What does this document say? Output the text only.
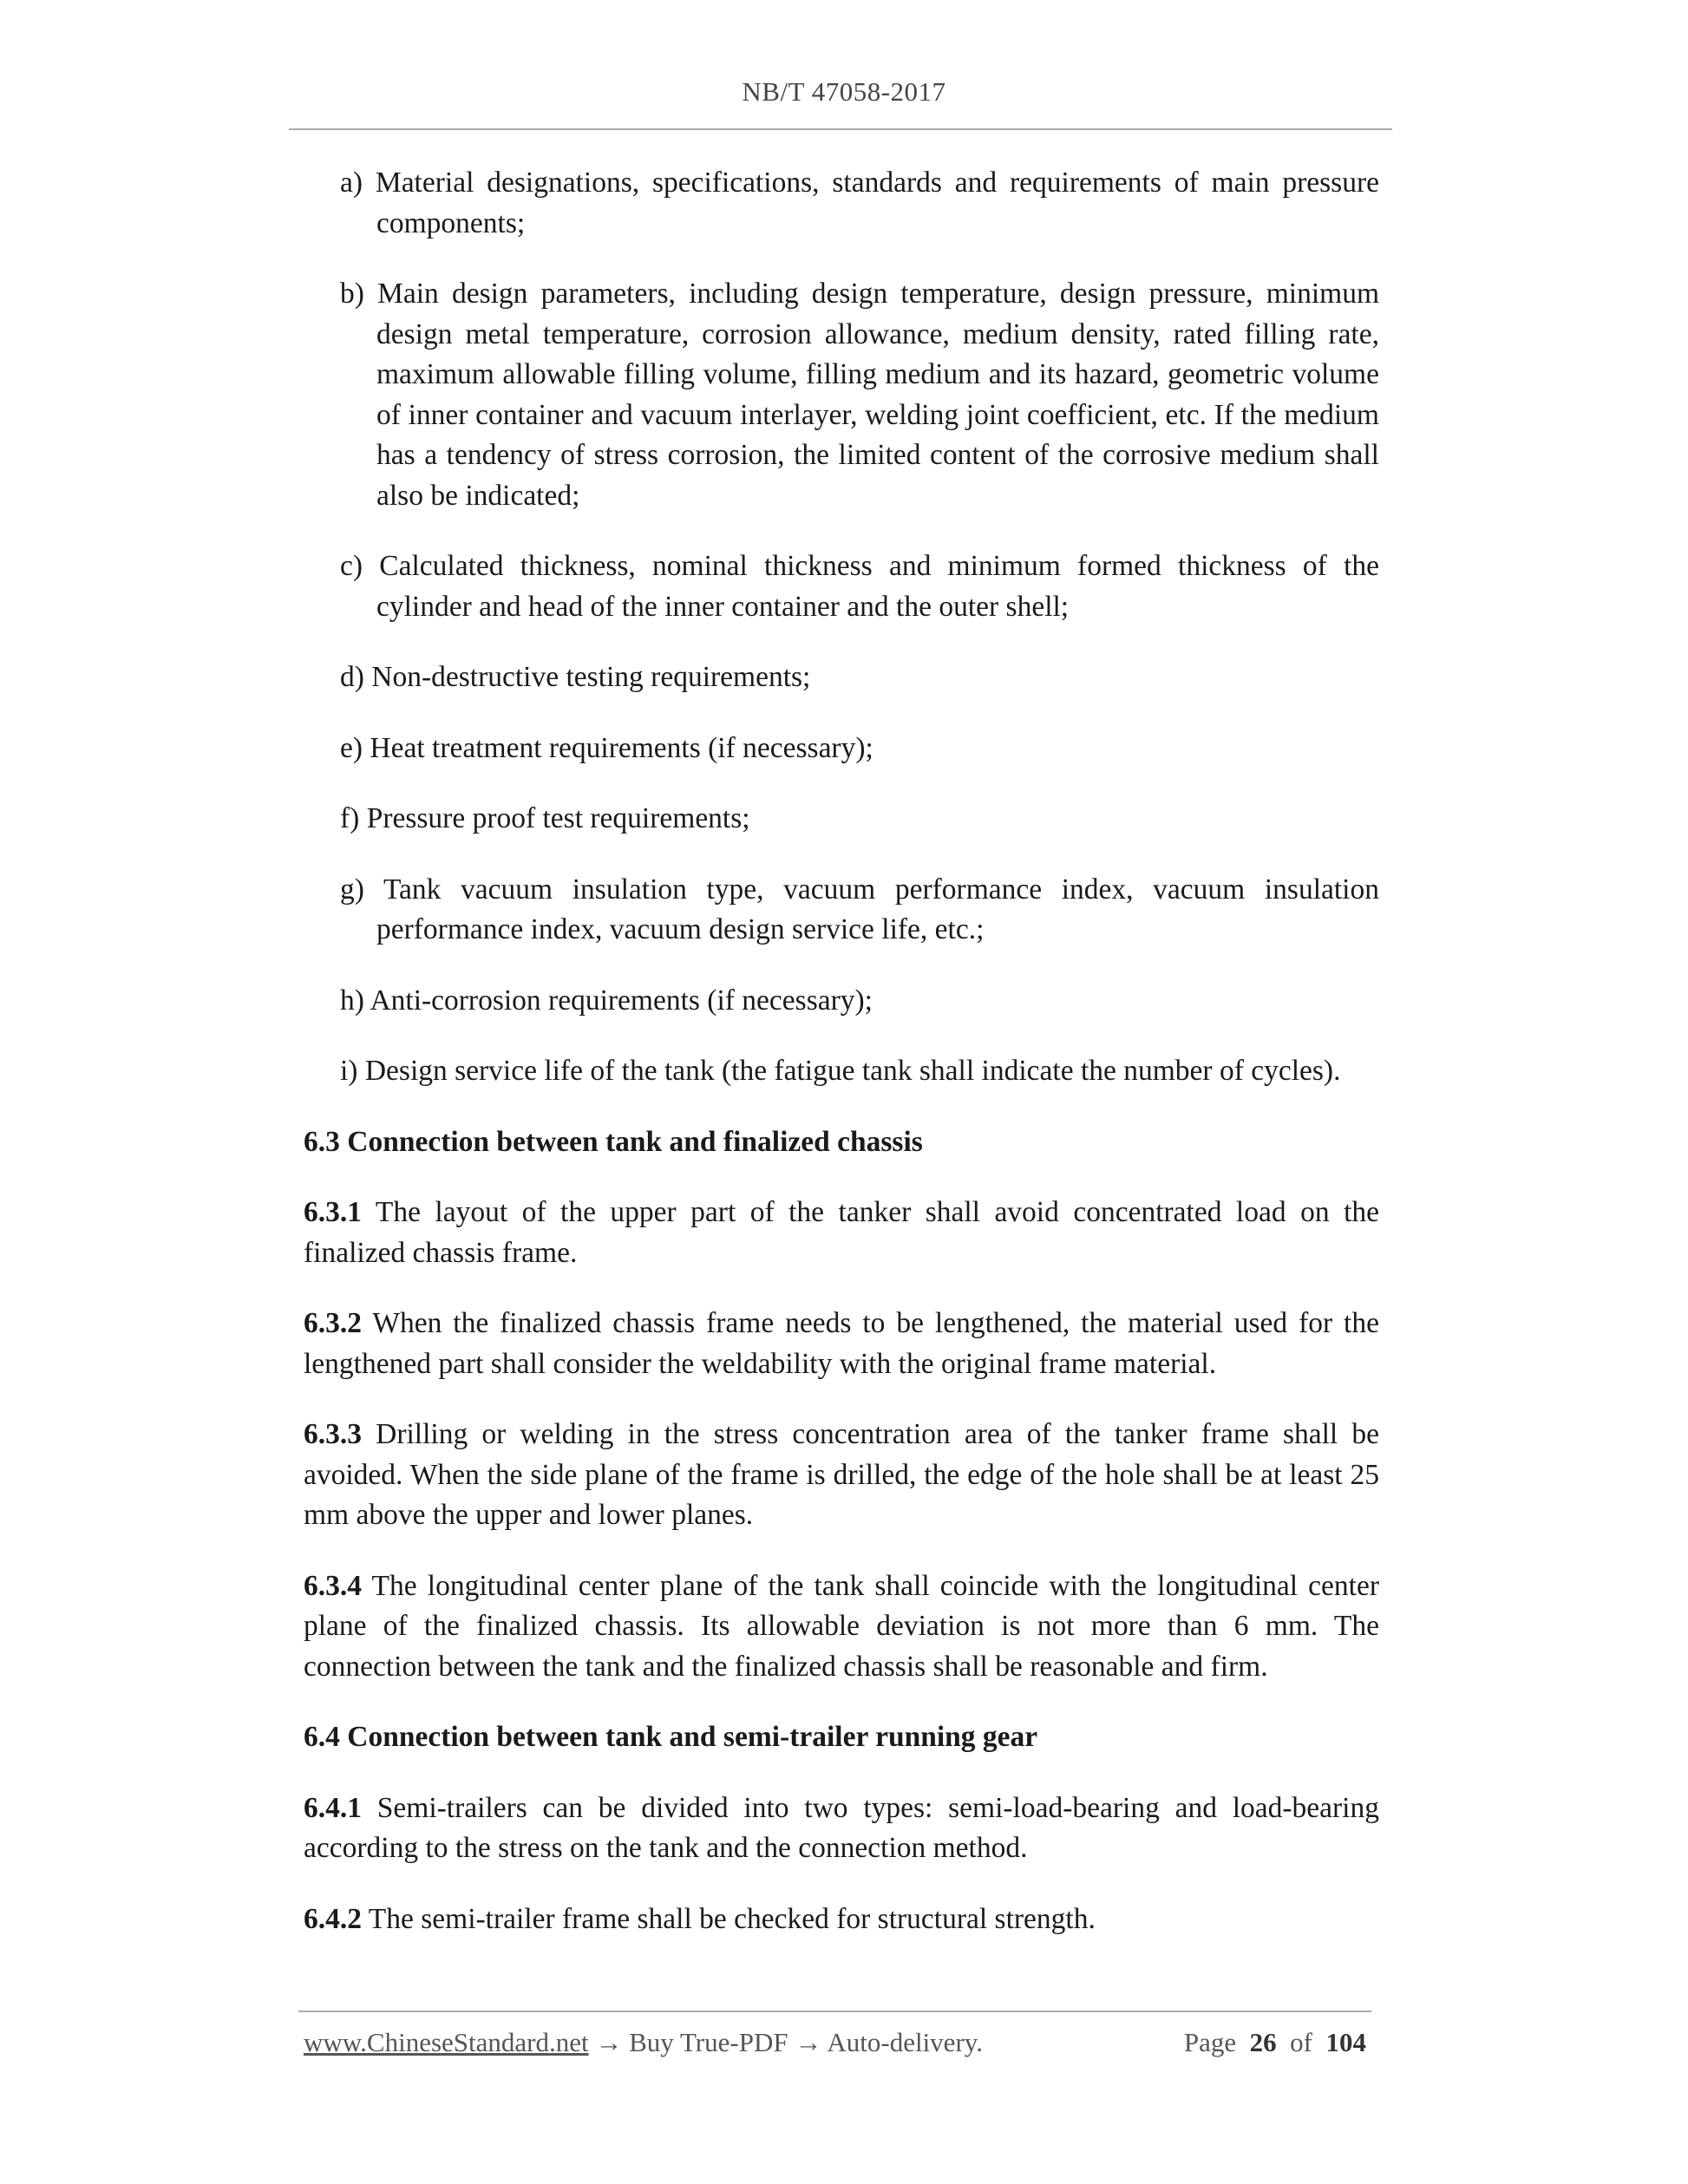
NB/T 47058-2017
a) Material designations, specifications, standards and requirements of main pressure components;
b) Main design parameters, including design temperature, design pressure, minimum design metal temperature, corrosion allowance, medium density, rated filling rate, maximum allowable filling volume, filling medium and its hazard, geometric volume of inner container and vacuum interlayer, welding joint coefficient, etc. If the medium has a tendency of stress corrosion, the limited content of the corrosive medium shall also be indicated;
c) Calculated thickness, nominal thickness and minimum formed thickness of the cylinder and head of the inner container and the outer shell;
d) Non-destructive testing requirements;
e) Heat treatment requirements (if necessary);
f) Pressure proof test requirements;
g) Tank vacuum insulation type, vacuum performance index, vacuum insulation performance index, vacuum design service life, etc.;
h) Anti-corrosion requirements (if necessary);
i) Design service life of the tank (the fatigue tank shall indicate the number of cycles).
6.3 Connection between tank and finalized chassis
6.3.1 The layout of the upper part of the tanker shall avoid concentrated load on the finalized chassis frame.
6.3.2 When the finalized chassis frame needs to be lengthened, the material used for the lengthened part shall consider the weldability with the original frame material.
6.3.3 Drilling or welding in the stress concentration area of the tanker frame shall be avoided. When the side plane of the frame is drilled, the edge of the hole shall be at least 25 mm above the upper and lower planes.
6.3.4 The longitudinal center plane of the tank shall coincide with the longitudinal center plane of the finalized chassis. Its allowable deviation is not more than 6 mm. The connection between the tank and the finalized chassis shall be reasonable and firm.
6.4 Connection between tank and semi-trailer running gear
6.4.1 Semi-trailers can be divided into two types: semi-load-bearing and load-bearing according to the stress on the tank and the connection method.
6.4.2 The semi-trailer frame shall be checked for structural strength.
www.ChineseStandard.net → Buy True-PDF → Auto-delivery.	Page 26 of 104
